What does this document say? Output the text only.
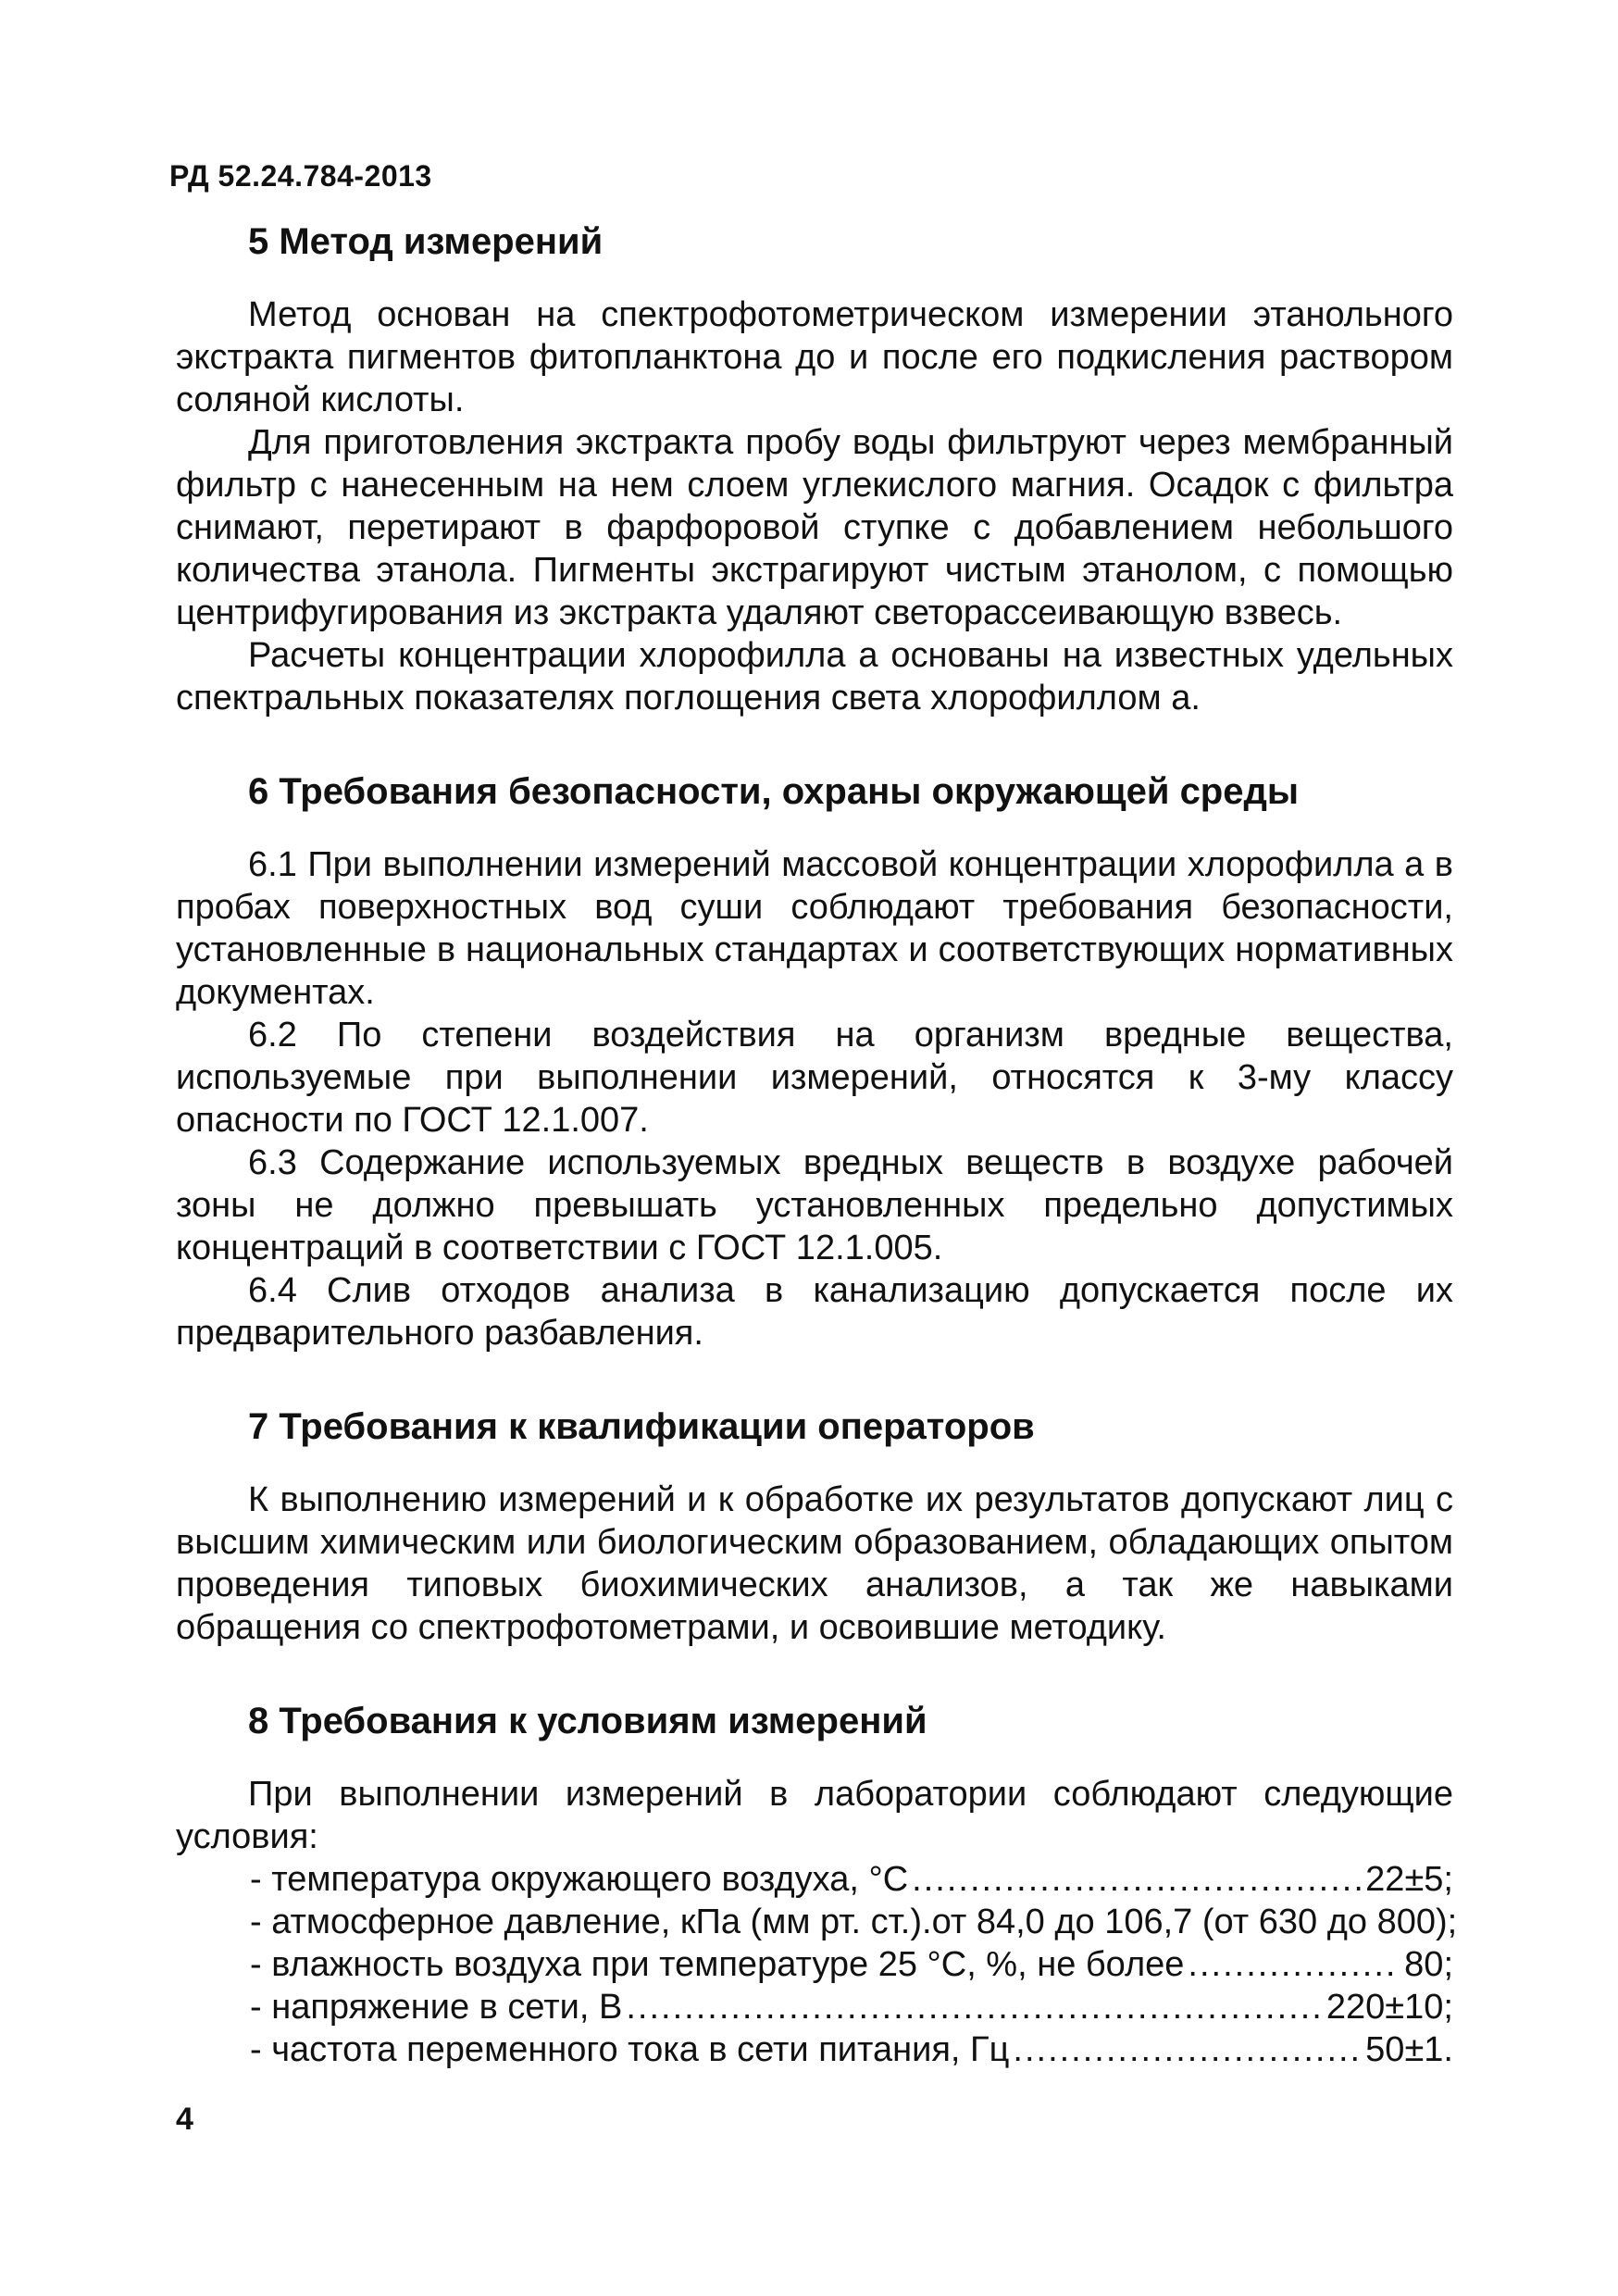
РД 52.24.784-2013
5 Метод измерений

Метод основан на спектрофотометрическом измерении этанольного экстракта пигментов фитопланктона до и после его подкисления раствором соляной кислоты.

Для приготовления экстракта пробу воды фильтруют через мембранный фильтр с нанесенным на нем слоем углекислого магния. Осадок с фильтра снимают, перетирают в фарфоровой ступке с добавлением небольшого количества этанола. Пигменты экстрагируют чистым этанолом, с помощью центрифугирования из экстракта удаляют светорассеивающую взвесь.

Расчеты концентрации хлорофилла а основаны на известных удельных спектральных показателях поглощения света хлорофиллом а.

6 Требования безопасности, охраны окружающей среды

6.1 При выполнении измерений массовой концентрации хлорофилла а в пробах поверхностных вод суши соблюдают требования безопасности, установленные в национальных стандартах и соответствующих нормативных документах.

6.2 По степени воздействия на организм вредные вещества, используемые при выполнении измерений, относятся к 3-му классу опасности по ГОСТ 12.1.007.

6.3 Содержание используемых вредных веществ в воздухе рабочей зоны не должно превышать установленных предельно допустимых концентраций в соответствии с ГОСТ 12.1.005.

6.4 Слив отходов анализа в канализацию допускается после их предварительного разбавления.

7 Требования к квалификации операторов

К выполнению измерений и к обработке их результатов допускают лиц с высшим химическим или биологическим образованием, обладающих опытом проведения типовых биохимических анализов, а так же навыками обращения со спектрофотометрами, и освоившие методику.

8 Требования к условиям измерений

При выполнении измерений в лаборатории соблюдают следующие условия:

- температура окружающего воздуха, °С .....	22±5;
- атмосферное давление, кПа (мм рт. ст.).от 84,0 до 106,7 (от 630 до 800);
- влажность воздуха при температуре 25 °С, %, не более .....	80;
- напряжение в сети, В .....	220±10;
- частота переменного тока в сети питания, Гц .....	50±1.
4
